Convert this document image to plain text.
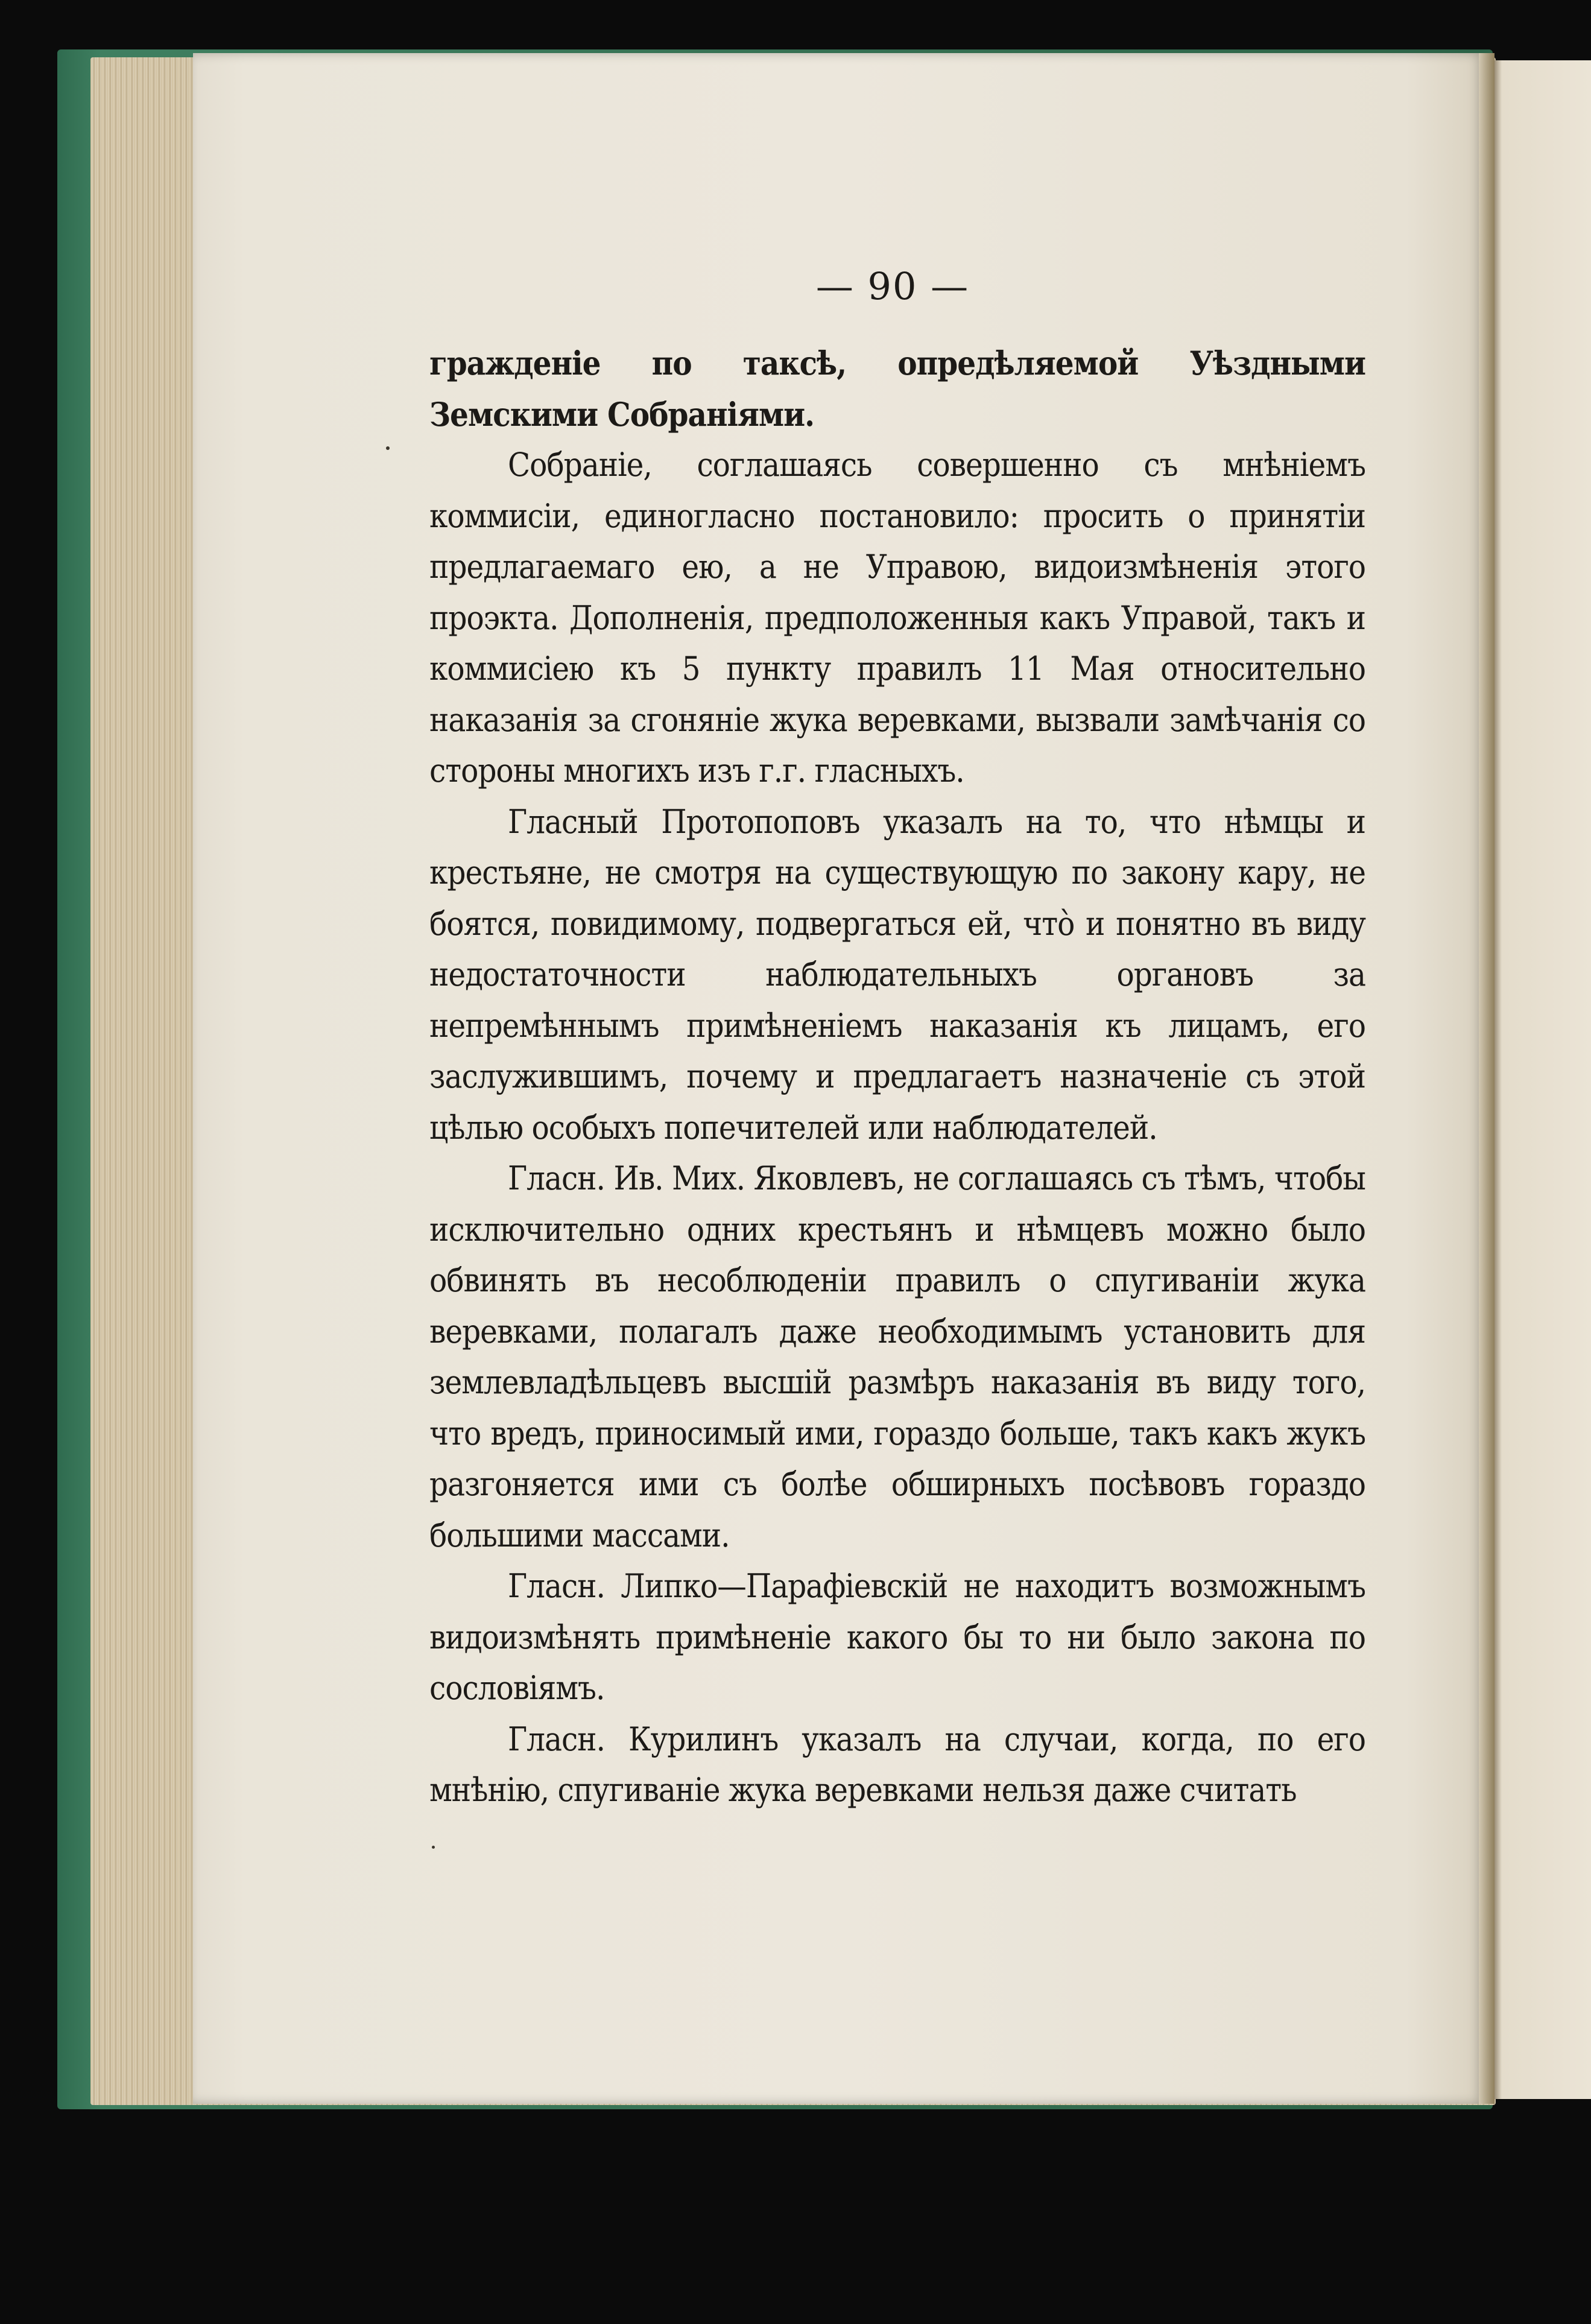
— 90 —

гражденіе по таксѣ, опредѣляемой Уѣздными Земскими Собраніями.

Собраніе, соглашаясь совершенно съ мнѣніемъ коммисіи, единогласно постановило: просить о принятіи предлагаемаго ею, а не Управою, видоизмѣненія этого проэкта. Дополненія, предположенныя какъ Управой, такъ и коммисіею къ 5 пункту правилъ 11 Мая относительно наказанія за сгоняніе жука веревками, вызвали замѣчанія со стороны многихъ изъ г.г. гласныхъ.

Гласный Протопоповъ указалъ на то, что нѣмцы и крестьяне, не смотря на существующую по закону кару, не боятся, повидимому, подвергаться ей, что̀ и понятно въ виду недостаточности наблюдательныхъ органовъ за непремѣннымъ примѣненіемъ наказанія къ лицамъ, его заслужившимъ, почему и предлагаетъ назначеніе съ этой цѣлью особыхъ попечителей или наблюдателей.

Гласн. Ив. Мих. Яковлевъ, не соглашаясь съ тѣмъ, чтобы исключительно одних крестьянъ и нѣмцевъ можно было обвинять въ несоблюденіи правилъ о спугиваніи жука веревками, полагалъ даже необходимымъ установить для землевладѣльцевъ высшій размѣръ наказанія въ виду того, что вредъ, приносимый ими, гораздо больше, такъ какъ жукъ разгоняется ими съ болѣе обширныхъ посѣвовъ гораздо большими массами.

Гласн. Липко—Парафіевскій не находитъ возможнымъ видоизмѣнять примѣненіе какого бы то ни было закона по сословіямъ.

Гласн. Курилинъ указалъ на случаи, когда, по его мнѣнію, спугиваніе жука веревками нельзя даже считать
